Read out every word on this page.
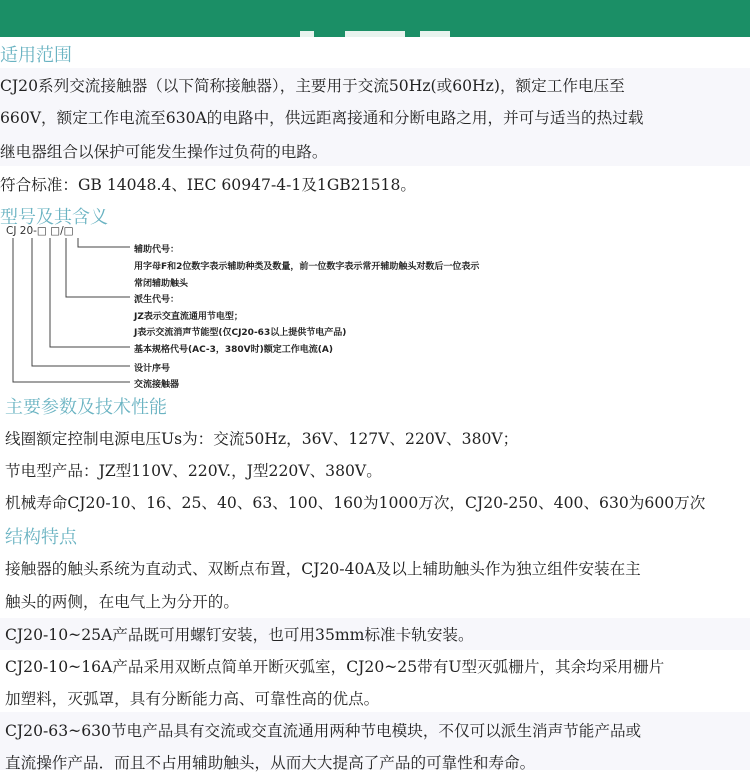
适用范围
CJ20系列交流接触器（以下简称接触器），主要用于交流50Hz(或60Hz)，额定工作电压至
660V，额定工作电流至630A的电路中，供远距离接通和分断电路之用，并可与适当的热过载
继电器组合以保护可能发生操作过负荷的电路。
符合标准：GB 14048.4、IEC 60947-4-1及1GB21518。
型号及其含义
CJ 20-□ □/□
辅助代号：
用字母F和2位数字表示辅助种类及数量，前一位数字表示常开辅助触头对数后一位表示
常闭辅助触头
派生代号：
JZ表示交直流通用节电型；
J表示交流消声节能型(仅CJ20-63以上提供节电产品)
基本规格代号(AC-3，380V时)额定工作电流(A)
设计序号
交流接触器
主要参数及技术性能
线圈额定控制电源电压Us为：交流50Hz，36V、127V、220V、380V；
节电型产品：JZ型110V、220V.，J型220V、380V。
机械寿命CJ20-10、16、25、40、63、100、160为1000万次，CJ20-250、400、630为600万次
结构特点
接触器的触头系统为直动式、双断点布置，CJ20-40A及以上辅助触头作为独立组件安装在主
触头的两侧，在电气上为分开的。
CJ20-10~25A产品既可用螺钉安装，也可用35mm标准卡轨安装。
CJ20-10~16A产品采用双断点简单开断灭弧室，CJ20~25带有U型灭弧栅片，其余均采用栅片
加塑料，灭弧罩，具有分断能力高、可靠性高的优点。
CJ20-63~630节电产品具有交流或交直流通用两种节电模块，不仅可以派生消声节能产品或
直流操作产品．而且不占用辅助触头，从而大大提高了产品的可靠性和寿命。
